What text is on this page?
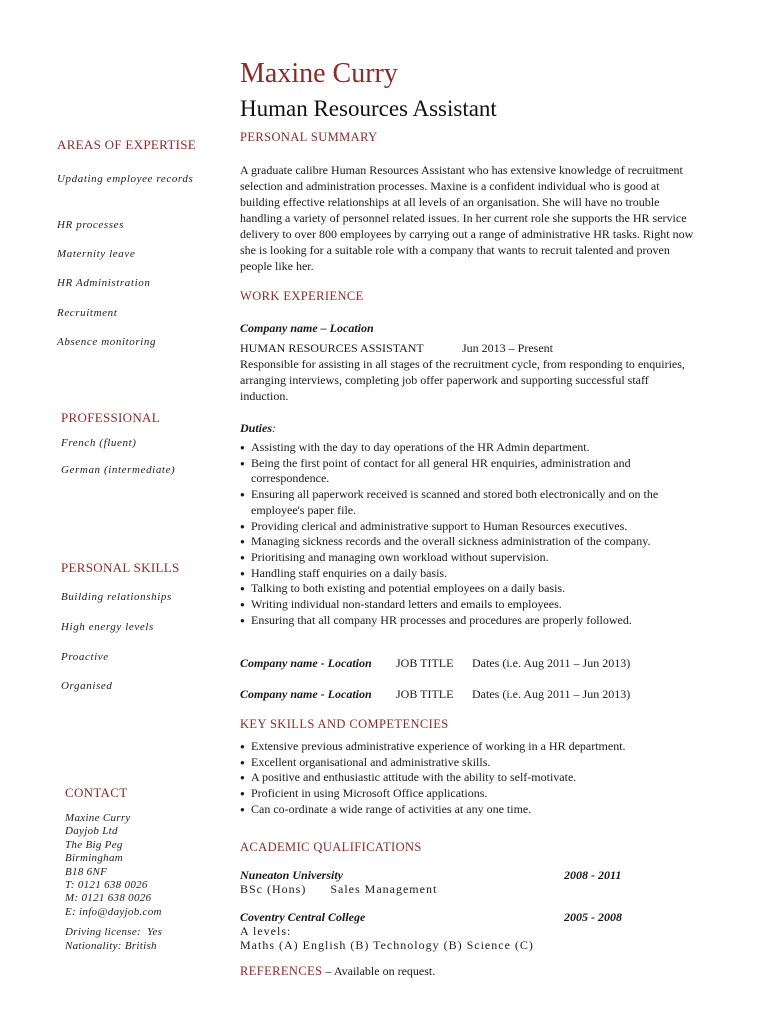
Maxine Curry
Human Resources Assistant
AREAS OF EXPERTISE
Updating employee records
HR processes
Maternity leave
HR Administration
Recruitment
Absence monitoring
PROFESSIONAL
French (fluent)
German (intermediate)
PERSONAL SKILLS
Building relationships
High energy levels
Proactive
Organised
CONTACT
Maxine Curry
Dayjob Ltd
The Big Peg
Birmingham
B18 6NF
T: 0121 638 0026
M: 0121 638 0026
E: info@dayjob.com
Driving license:  Yes
Nationality: British
PERSONAL SUMMARY
A graduate calibre Human Resources Assistant who has extensive knowledge of recruitment selection and administration processes. Maxine is a confident individual who is good at building effective relationships at all levels of an organisation. She will have no trouble handling a variety of personnel related issues. In her current role she supports the HR service delivery to over 800 employees by carrying out a range of administrative HR tasks. Right now she is looking for a suitable role with a company that wants to recruit talented and proven people like her.
WORK EXPERIENCE
Company name – Location
HUMAN RESOURCES ASSISTANT	Jun 2013 – Present
Responsible for assisting in all stages of the recruitment cycle, from responding to enquiries, arranging interviews, completing job offer paperwork and supporting successful staff induction.
Duties:
● Assisting with the day to day operations of the HR Admin department.
● Being the first point of contact for all general HR enquiries, administration and correspondence.
● Ensuring all paperwork received is scanned and stored both electronically and on the employee's paper file.
● Providing clerical and administrative support to Human Resources executives.
● Managing sickness records and the overall sickness administration of the company.
● Prioritising and managing own workload without supervision.
● Handling staff enquiries on a daily basis.
● Talking to both existing and potential employees on a daily basis.
● Writing individual non-standard letters and emails to employees.
● Ensuring that all company HR processes and procedures are properly followed.
Company name - Location JOB TITLE Dates (i.e. Aug 2011 – Jun 2013)
Company name - Location JOB TITLE Dates (i.e. Aug 2011 – Jun 2013)
KEY SKILLS AND COMPETENCIES
● Extensive previous administrative experience of working in a HR department.
● Excellent organisational and administrative skills.
● A positive and enthusiastic attitude with the ability to self-motivate.
● Proficient in using Microsoft Office applications.
● Can co-ordinate a wide range of activities at any one time.
ACADEMIC QUALIFICATIONS
Nuneaton University	2008 - 2011
BSc (Hons)      Sales Management
Coventry Central College	2005 - 2008
A levels:
Maths (A) English (B) Technology (B) Science (C)
REFERENCES – Available on request.
